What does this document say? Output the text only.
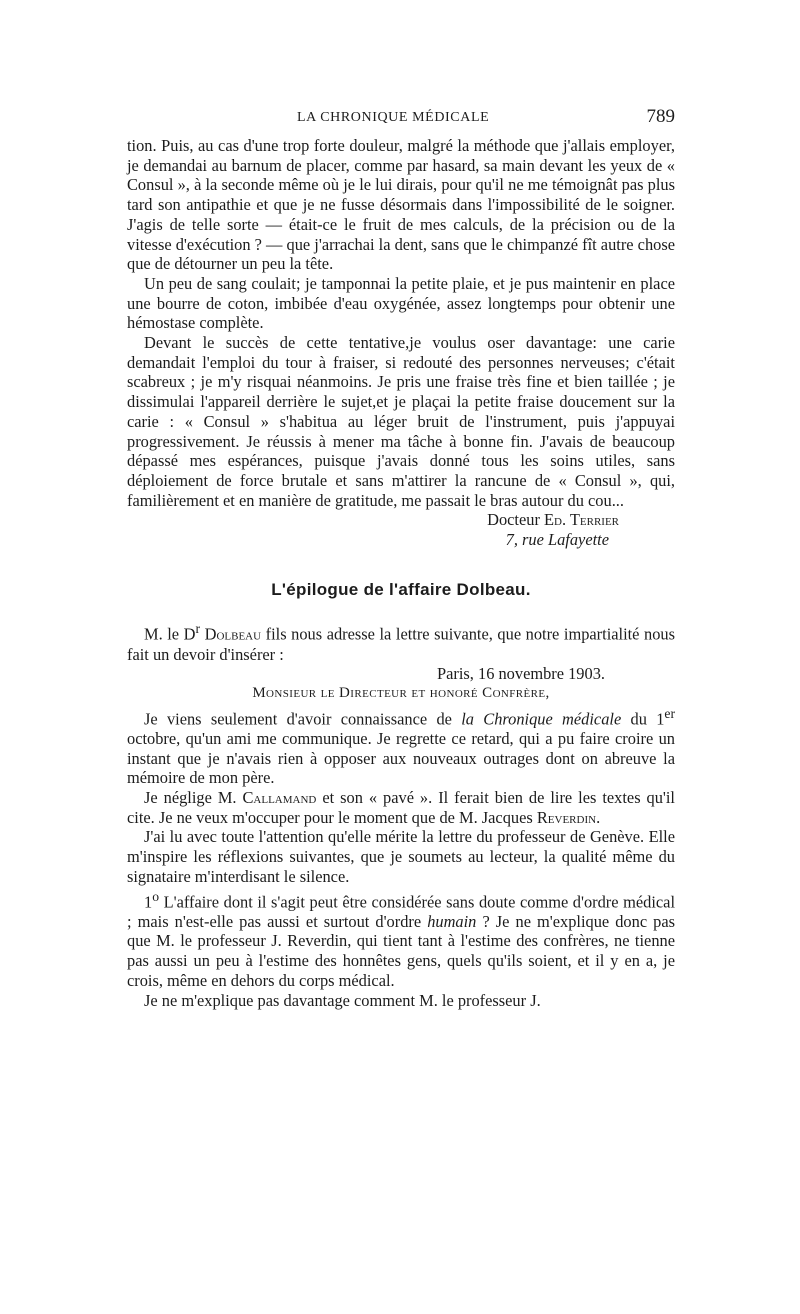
LA CHRONIQUE MÉDICALE	789

tion. Puis, au cas d'une trop forte douleur, malgré la méthode que j'allais employer, je demandai au barnum de placer, comme par hasard, sa main devant les yeux de « Consul », à la seconde même où je le lui dirais, pour qu'il ne me témoignât pas plus tard son antipathie et que je ne fusse désormais dans l'impossibilité de le soigner. J'agis de telle sorte — était-ce le fruit de mes calculs, de la précision ou de la vitesse d'exécution ? — que j'arrachai la dent, sans que le chimpanzé fît autre chose que de détourner un peu la tête.

Un peu de sang coulait; je tamponnai la petite plaie, et je pus maintenir en place une bourre de coton, imbibée d'eau oxygénée, assez longtemps pour obtenir une hémostase complète.

Devant le succès de cette tentative,je voulus oser davantage: une carie demandait l'emploi du tour à fraiser, si redouté des personnes nerveuses; c'était scabreux ; je m'y risquai néanmoins. Je pris une fraise très fine et bien taillée ; je dissimulai l'appareil derrière le sujet,et je plaçai la petite fraise doucement sur la carie : « Consul » s'habitua au léger bruit de l'instrument, puis j'appuyai progressivement. Je réussis à mener ma tâche à bonne fin. J'avais de beaucoup dépassé mes espérances, puisque j'avais donné tous les soins utiles, sans déploiement de force brutale et sans m'attirer la rancune de « Consul », qui, familièrement et en manière de gratitude, me passait le bras autour du cou...

Docteur Ed. Terrier

7, rue Lafayette

L'épilogue de l'affaire Dolbeau.

M. le $D^r$ Dolbeau fils nous adresse la lettre suivante, que notre impartialité nous fait un devoir d'insérer :

Paris, 16 novembre 1903.

Monsieur le Directeur et honoré Confrère,

Je viens seulement d'avoir connaissance de la Chronique médicale du 1er octobre, qu'un ami me communique. Je regrette ce retard, qui a pu faire croire un instant que je n'avais rien à opposer aux nouveaux outrages dont on abreuve la mémoire de mon père.

Je néglige M. Callamand et son « pavé ». Il ferait bien de lire les textes qu'il cite. Je ne veux m'occuper pour le moment que de M. Jacques Reverdin.

J'ai lu avec toute l'attention qu'elle mérite la lettre du professeur de Genève. Elle m'inspire les réflexions suivantes, que je soumets au lecteur, la qualité même du signataire m'interdisant le silence.

1$^o$ L'affaire dont il s'agit peut être considérée sans doute comme d'ordre médical ; mais n'est-elle pas aussi et surtout d'ordre humain ? Je ne m'explique donc pas que M. le professeur J. Reverdin, qui tient tant à l'estime des confrères, ne tienne pas aussi un peu à l'estime des honnêtes gens, quels qu'ils soient, et il y en a, je crois, même en dehors du corps médical.

Je ne m'explique pas davantage comment M. le professeur J.
